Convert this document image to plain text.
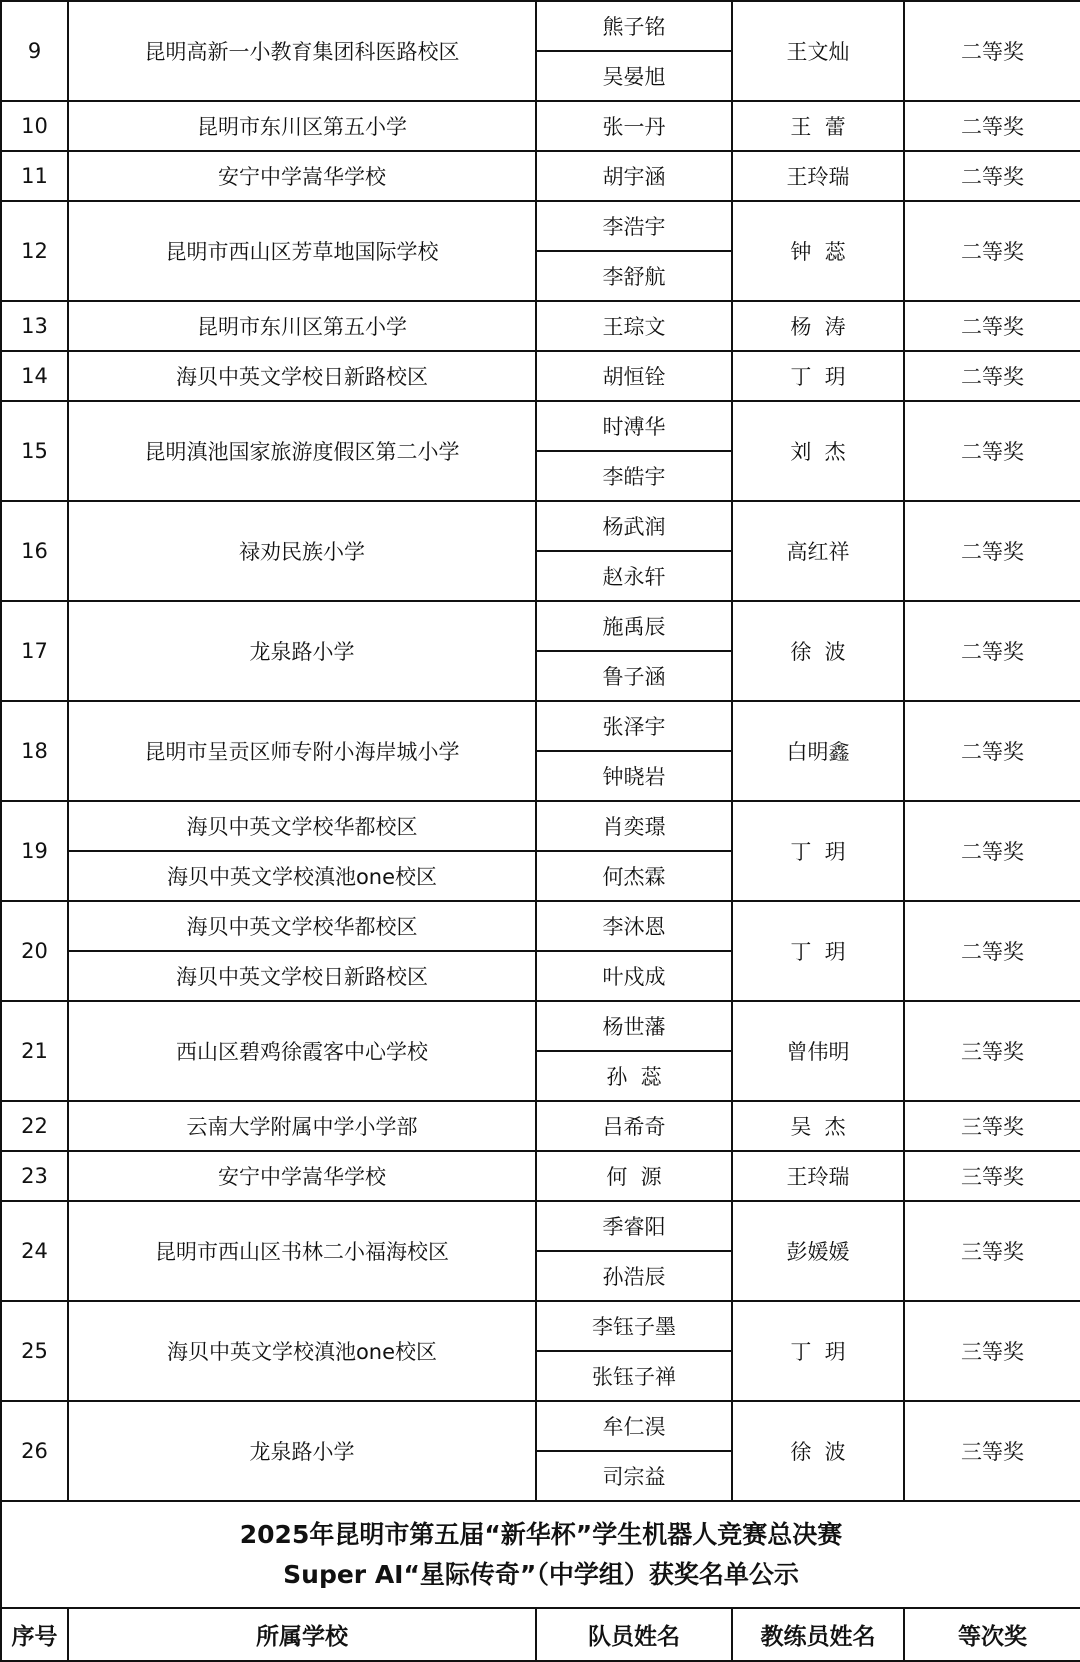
9	昆明高新一小教育集团科医路校区	熊子铭	王文灿	二等奖
		吴晏旭		
10	昆明市东川区第五小学	张一丹	王  蕾	二等奖
11	安宁中学嵩华学校	胡宇涵	王玲瑞	二等奖
12	昆明市西山区芳草地国际学校	李浩宇	钟  蕊	二等奖
		李舒航		
13	昆明市东川区第五小学	王琮文	杨  涛	二等奖
14	海贝中英文学校日新路校区	胡恒铨	丁  玥	二等奖
15	昆明滇池国家旅游度假区第二小学	时溥华	刘  杰	二等奖
		李皓宇		
16	禄劝民族小学	杨武润	高红祥	二等奖
		赵永轩		
17	龙泉路小学	施禹辰	徐  波	二等奖
		鲁子涵		
18	昆明市呈贡区师专附小海岸城小学	张泽宇	白明鑫	二等奖
		钟晓岩		
19	海贝中英文学校华都校区	肖奕璟	丁  玥	二等奖
	海贝中英文学校滇池one校区	何杰霖		
20	海贝中英文学校华都校区	李沐恩	丁  玥	二等奖
	海贝中英文学校日新路校区	叶戍成		
21	西山区碧鸡徐霞客中心学校	杨世藩	曾伟明	三等奖
		孙  蕊		
22	云南大学附属中学小学部	吕希奇	吴  杰	三等奖
23	安宁中学嵩华学校	何  源	王玲瑞	三等奖
24	昆明市西山区书林二小福海校区	季睿阳	彭媛媛	三等奖
		孙浩辰		
25	海贝中英文学校滇池one校区	李钰子墨	丁  玥	三等奖
		张钰子禅		
26	龙泉路小学	牟仁淏	徐  波	三等奖
		司宗益		

2025年昆明市第五届“新华杯”学生机器人竞赛总决赛
Super AI“星际传奇”（中学组）获奖名单公示				

序号	所属学校	队员姓名	教练员姓名	等次奖
